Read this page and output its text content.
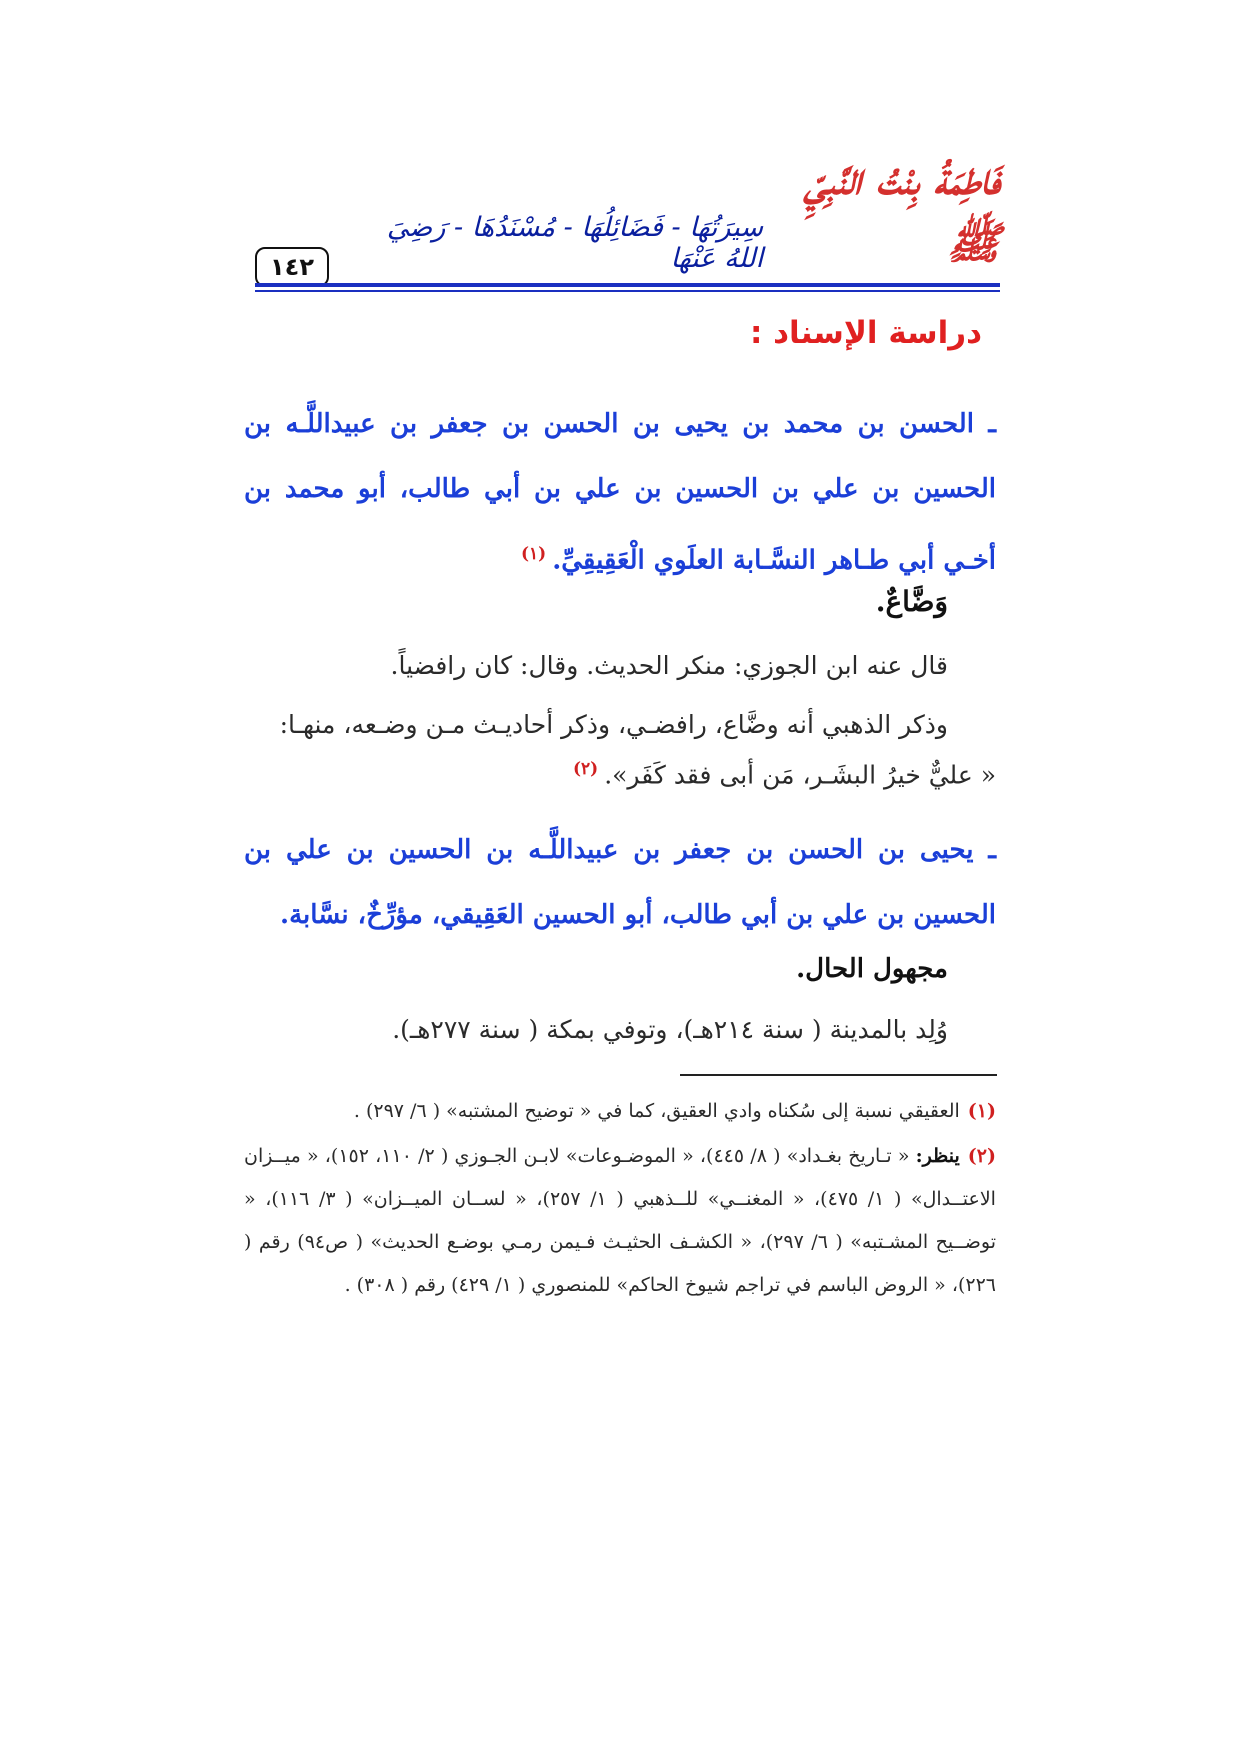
١٤٢
فَاطِمَةُ بِنْتُ النَّبِيِّ ﷺ
سِيرَتُهَا - فَضَائِلُهَا - مُسْنَدُهَا - رَضِيَ اللهُ عَنْهَا
دراسة الإسناد :
ـ الحسن بن محمد بن يحيى بن الحسن بن جعفر بن عبيداللَّـه بن الحسين بن علي بن الحسين بن علي بن أبي طالب، أبو محمد بن أخـي أبي طـاهر النسَّـابة العلَوي الْعَقِيقِيِّ.$^{(١)}$
وَضَّاعٌ.
قال عنه ابن الجوزي: منكر الحديث. وقال: كان رافضياً.
وذكر الذهبي أنه وضَّاع، رافضـي، وذكر أحاديـث مـن وضـعه، منهـا:
« عليٌّ خيرُ البشَـر، مَن أبى فقد كَفَر».$^{(٢)}$
ـ يحيى بن الحسن بن جعفر بن عبيداللَّـه بن الحسين بن علي بن الحسين بن علي بن أبي طالب، أبو الحسين العَقِيقي، مؤرِّخٌ، نسَّابة.
مجهول الحال.
وُلِد بالمدينة ( سنة ٢١٤هـ)، وتوفي بمكة ( سنة ٢٧٧هـ).
(١)العقيقي نسبة إلى سُكناه وادي العقيق، كما في « توضيح المشتبه» ( ٦/ ٢٩٧) .
(٢)ينظر: « تـاريخ بغـداد» ( ٨/ ٤٤٥)، « الموضـوعات» لابـن الجـوزي ( ٢/ ١١٠، ١٥٢)، « ميــزان الاعتــدال» ( ١/ ٤٧٥)، « المغنــي» للــذهبي ( ١/ ٢٥٧)، « لســان الميــزان» ( ٣/ ١١٦)، « توضــيح المشـتبه» ( ٦/ ٢٩٧)، « الكشـف الحثيـث فـيمن رمـي بوضـع الحديث» ( ص٩٤) رقم ( ٢٢٦)، « الروض الباسم في تراجم شيوخ الحاكم» للمنصوري ( ١/ ٤٢٩) رقم ( ٣٠٨) .
